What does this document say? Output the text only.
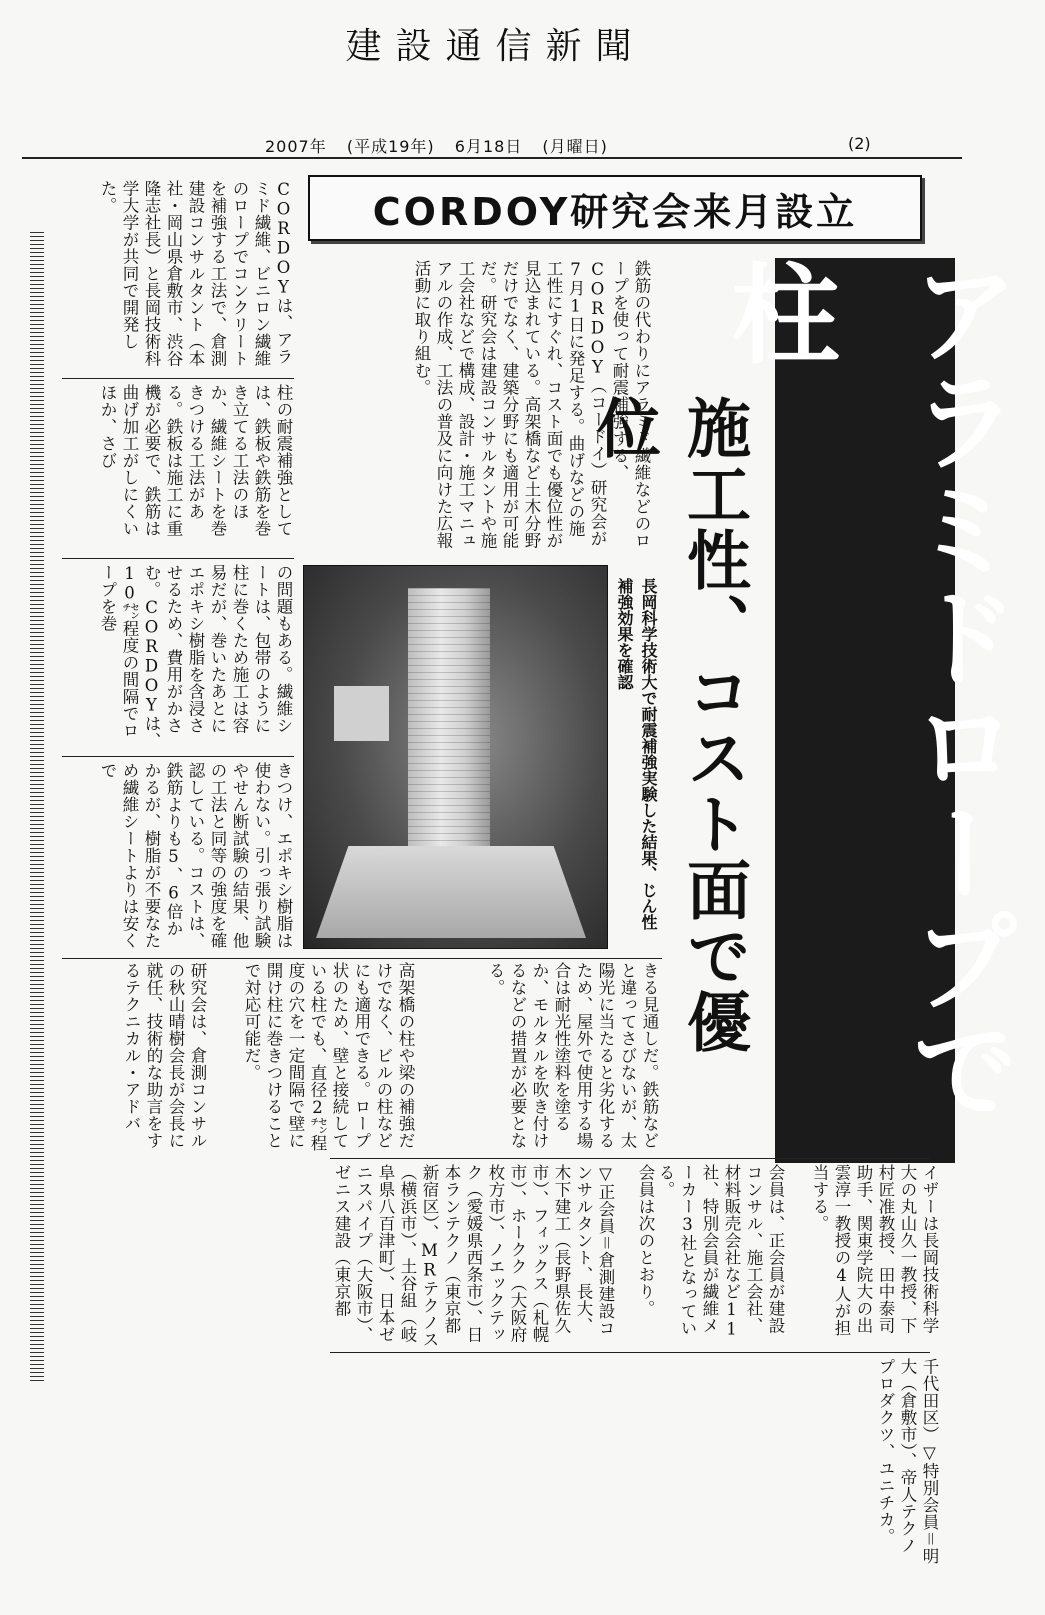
建設通信新聞
2007年 (平成19年) 6月18日 (月曜日)	(2)
CORDOY研究会来月設立
アラミドロープで柱
施工性、コスト面で優位
鉄筋の代わりにアラミド繊維などのロープを使って耐震補強する、CORDOY（コードイ）研究会が7月1日に発足する。曲げなどの施工性にすぐれ、コスト面でも優位性が見込まれている。高架橋など土木分野だけでなく、建築分野にも適用が可能だ。研究会は建設コンサルタントや施工会社などで構成、設計・施工マニュアルの作成、工法の普及に向けた広報活動に取り組む。
CORDOYは、アラミド繊維、ビニロン繊維のロープでコンクリートを補強する工法で、倉測建設コンサルタント（本社・岡山県倉敷市、渋谷隆志社長）と長岡技術科学大学が共同で開発した。
柱の耐震補強としては、鉄板や鉄筋を巻き立てる工法のほか、繊維シートを巻きつける工法がある。鉄板は施工に重機が必要で、鉄筋は曲げ加工がしにくいほか、さび
の問題もある。繊維シートは、包帯のように柱に巻くため施工は容易だが、巻いたあとにエポキシ樹脂を含浸させるため、費用がかさむ。CORDOYは、10㌢程度の間隔でロープを巻
きつけ、エポキシ樹脂は使わない。引っ張り試験やせん断試験の結果、他の工法と同等の強度を確認している。コストは、鉄筋よりも5、6倍かかるが、樹脂が不要なため繊維シートよりは安くで	長岡科学技術大で耐震補強実験した結果、じん性補強効果を確認
きる見通しだ。鉄筋などと違ってさびないが、太陽光に当たると劣化するため、屋外で使用する場合は耐光性塗料を塗るか、モルタルを吹き付けるなどの措置が必要となる。
高架橋の柱や梁の補強だけでなく、ビルの柱などにも適用できる。ロープ状のため、壁と接続している柱でも、直径2㌢程度の穴を一定間隔で壁に開け柱に巻きつけることで対応可能だ。
研究会は、倉測コンサルの秋山晴樹会長が会長に就任、技術的な助言をするテクニカル・アドバ
イザーは長岡技術科学大の丸山久一教授、下村匠准教授、田中泰司助手、関東学院大の出雲淳一教授の4人が担当する。
会員は、正会員が建設コンサル、施工会社、材料販売会社など11社、特別会員が繊維メーカー3社となっている。
会員は次のとおり。
▽正会員＝倉測建設コンサルタント、長大、木下建工（長野県佐久市）、フィックス（札幌市）、ホークク（大阪府枚方市）、ノエックテック（愛媛県西条市）、日本ランテクノ（東京都新宿区）、MRテクノス（横浜市）、土谷組（岐阜県八百津町）、日本ゼニスパイプ（大阪市）、ゼニス建設（東京都
千代田区）▽特別会員＝明大（倉敷市）、帝人テクノプロダクツ、ユニチカ。
